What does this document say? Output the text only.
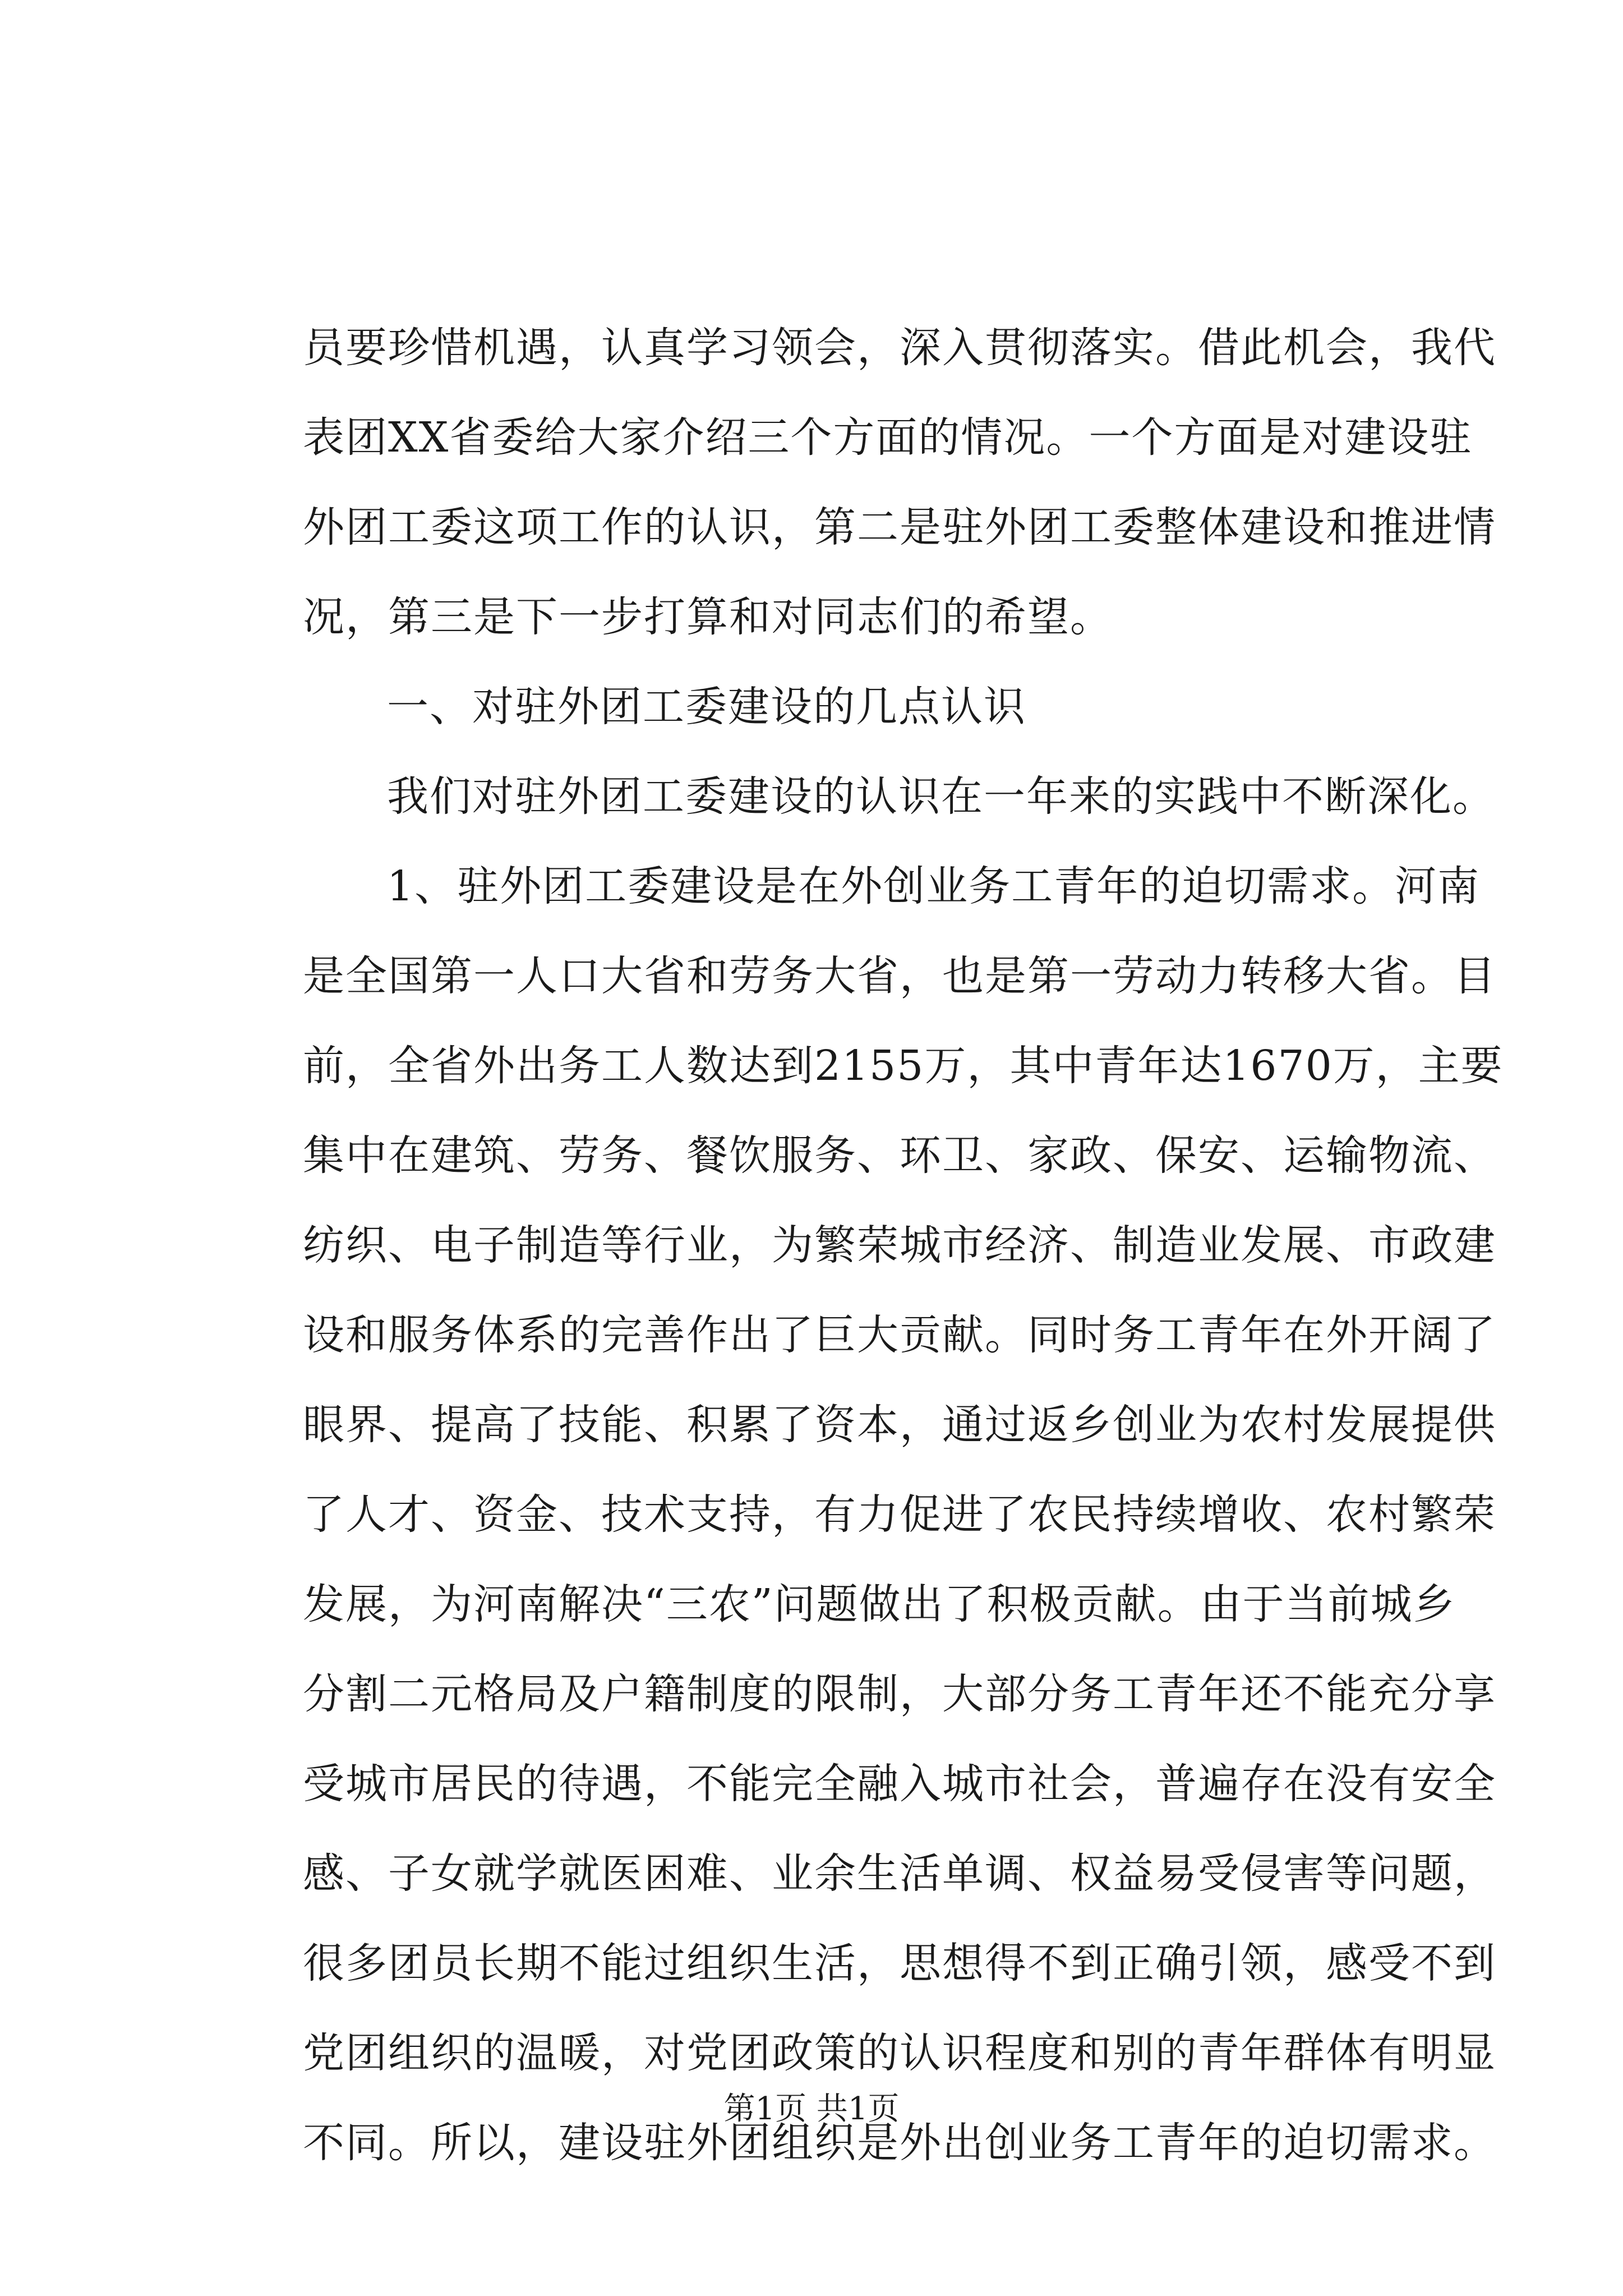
员要珍惜机遇，认真学习领会，深入贯彻落实。借此机会，我代
表团XX省委给大家介绍三个方面的情况。一个方面是对建设驻
外团工委这项工作的认识，第二是驻外团工委整体建设和推进情
况，第三是下一步打算和对同志们的希望。
一、对驻外团工委建设的几点认识
我们对驻外团工委建设的认识在一年来的实践中不断深化。
1、驻外团工委建设是在外创业务工青年的迫切需求。河南
是全国第一人口大省和劳务大省，也是第一劳动力转移大省。目
前，全省外出务工人数达到2155万，其中青年达1670万，主要
集中在建筑、劳务、餐饮服务、环卫、家政、保安、运输物流、
纺织、电子制造等行业，为繁荣城市经济、制造业发展、市政建
设和服务体系的完善作出了巨大贡献。同时务工青年在外开阔了
眼界、提高了技能、积累了资本，通过返乡创业为农村发展提供
了人才、资金、技术支持，有力促进了农民持续增收、农村繁荣
发展，为河南解决“三农”问题做出了积极贡献。由于当前城乡
分割二元格局及户籍制度的限制，大部分务工青年还不能充分享
受城市居民的待遇，不能完全融入城市社会，普遍存在没有安全
感、子女就学就医困难、业余生活单调、权益易受侵害等问题，
很多团员长期不能过组织生活，思想得不到正确引领，感受不到
党团组织的温暖，对党团政策的认识程度和别的青年群体有明显
不同。所以，建设驻外团组织是外出创业务工青年的迫切需求。
第1页 共1页
